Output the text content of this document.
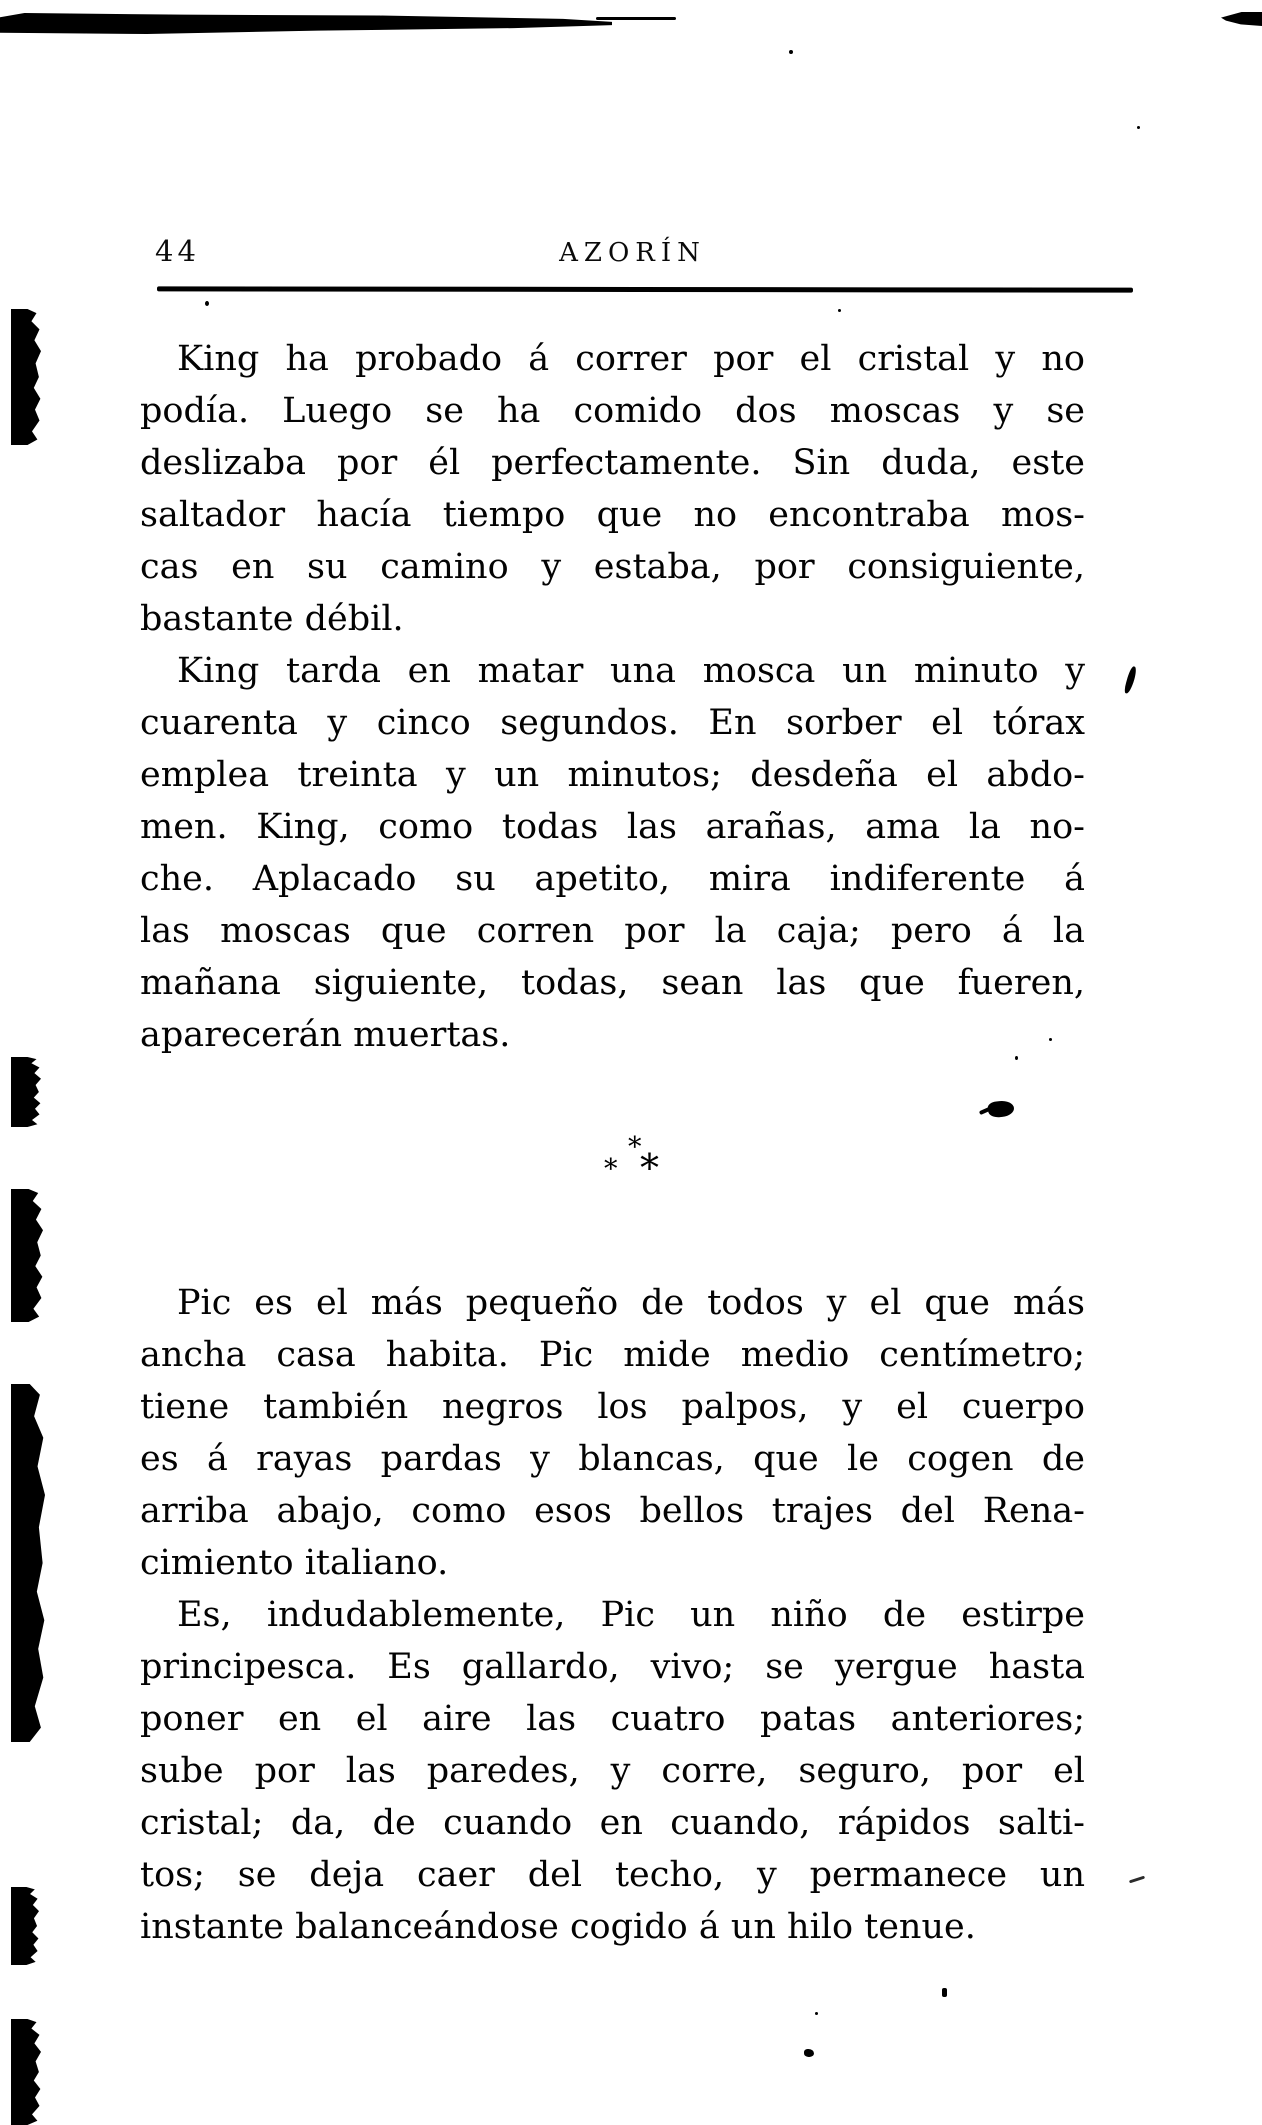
44	AZORÍN
King ha probado á correr por el cristal y no
podía. Luego se ha comido dos moscas y se
deslizaba por él perfectamente. Sin duda, este
saltador hacía tiempo que no encontraba mos-
cas en su camino y estaba, por consiguiente,
bastante débil.
King tarda en matar una mosca un minuto y
cuarenta y cinco segundos. En sorber el tórax
emplea treinta y un minutos; desdeña el abdo-
men. King, como todas las arañas, ama la no-
che. Aplacado su apetito, mira indiferente á
las moscas que corren por la caja; pero á la
mañana siguiente, todas, sean las que fueren,
aparecerán muertas.
*
* *
Pic es el más pequeño de todos y el que más
ancha casa habita. Pic mide medio centímetro;
tiene también negros los palpos, y el cuerpo
es á rayas pardas y blancas, que le cogen de
arriba abajo, como esos bellos trajes del Rena-
cimiento italiano.
Es, indudablemente, Pic un niño de estirpe
principesca. Es gallardo, vivo; se yergue hasta
poner en el aire las cuatro patas anteriores;
sube por las paredes, y corre, seguro, por el
cristal; da, de cuando en cuando, rápidos salti-
tos; se deja caer del techo, y permanece un
instante balanceándose cogido á un hilo tenue.
